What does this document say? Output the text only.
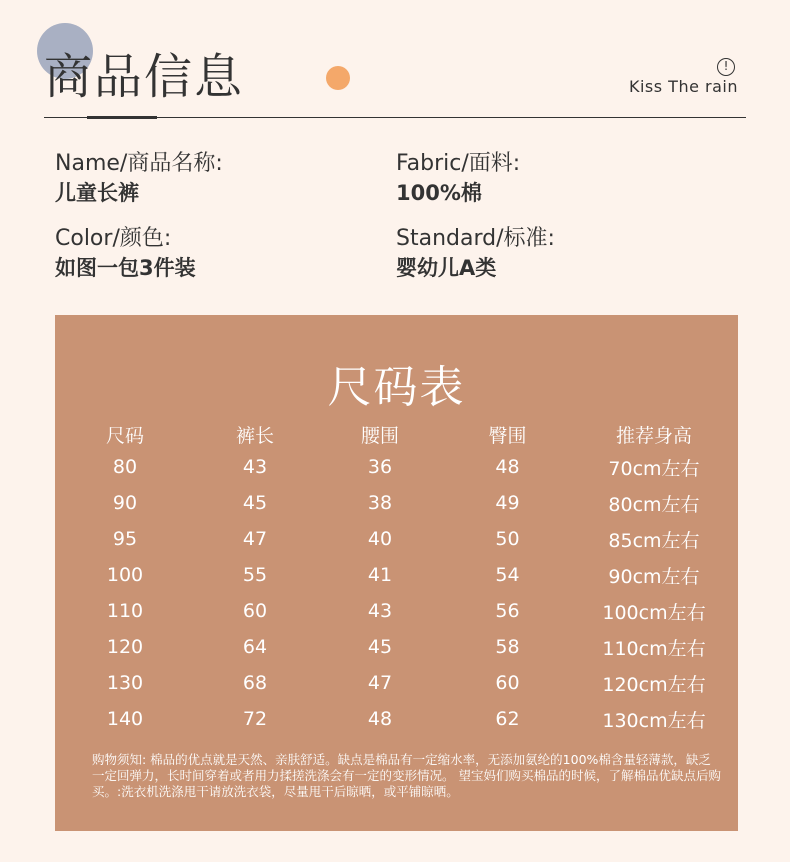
商品信息	!
Kiss The rain
Name/商品名称:
儿童长裤
Fabric/面料:
100%棉
Color/颜色:
如图一包3件装
Standard/标准:
婴幼儿A类
尺码表
尺码	裤长	腰围	臀围	推荐身高
80	43	36	48	70cm左右
90	45	38	49	80cm左右
95	47	40	50	85cm左右
100	55	41	54	90cm左右
110	60	43	56	100cm左右
120	64	45	58	110cm左右
130	68	47	60	120cm左右
140	72	48	62	130cm左右

购物须知: 棉品的优点就是天然、亲肤舒适。缺点是棉品有一定缩水率，无添加氨纶的100%棉含量轻薄款，缺乏一定回弹力，长时间穿着或者用力揉搓洗涤会有一定的变形情况。 望宝妈们购买棉品的时候，了解棉品优缺点后购买。:洗衣机洗涤甩干请放洗衣袋，尽量甩干后晾晒，或平铺晾晒。
